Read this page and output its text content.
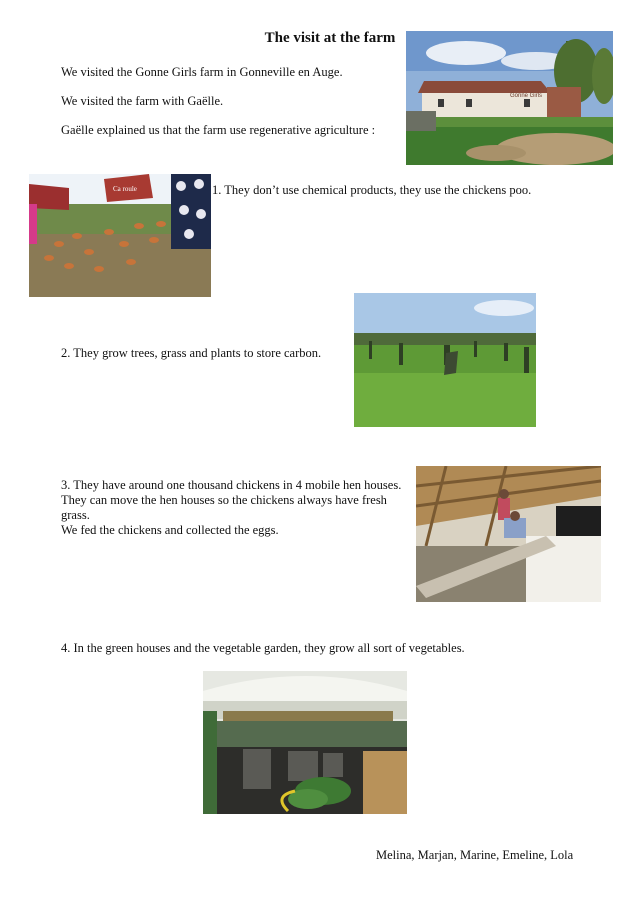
The visit at the farm
We visited the Gonne Girls farm in Gonneville en Auge.
We visited the farm with Gaëlle.
Gaëlle explained us that the farm use regenerative agriculture :
Gonne Girls
Ca roule	1. They don’t use chemical products, they use the chickens poo.
2. They grow trees, grass and plants to store carbon.
3. They have around one thousand chickens in 4 mobile hen houses.
They can move the hen houses so the chickens always have fresh grass.
We fed the chickens and collected the eggs.
4. In the green houses and the vegetable garden, they grow all sort of vegetables.
Melina, Marjan, Marine, Emeline, Lola
